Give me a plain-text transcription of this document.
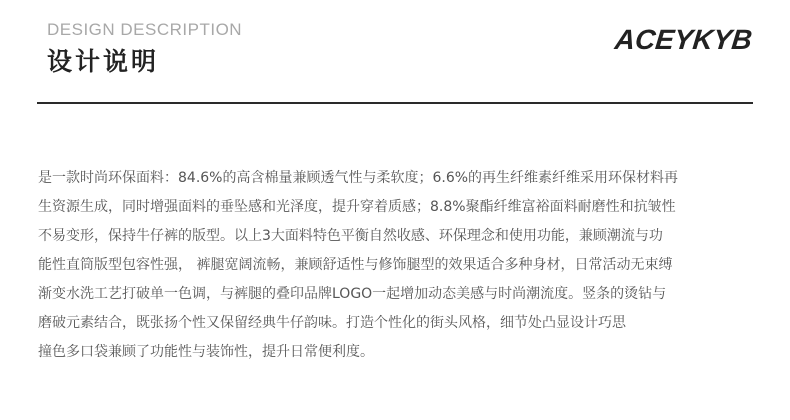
DESIGN DESCRIPTION
设计说明
ACEYKYB
是一款时尚环保面料：84.6%的高含棉量兼顾透气性与柔软度；6.6%的再生纤维素纤维采用环保材料再
生资源生成，同时增强面料的垂坠感和光泽度，提升穿着质感；8.8%聚酯纤维富裕面料耐磨性和抗皱性
不易变形，保持牛仔裤的版型。以上3大面料特色平衡自然收感、环保理念和使用功能，兼顾潮流与功
能性直筒版型包容性强， 裤腿宽阔流畅，兼顾舒适性与修饰腿型的效果适合多种身材，日常活动无束缚
渐变水洗工艺打破单一色调，与裤腿的叠印品牌LOGO一起增加动态美感与时尚潮流度。竖条的烫钻与
磨破元素结合，既张扬个性又保留经典牛仔韵味。打造个性化的街头风格，细节处凸显设计巧思
撞色多口袋兼顾了功能性与装饰性，提升日常便利度。
